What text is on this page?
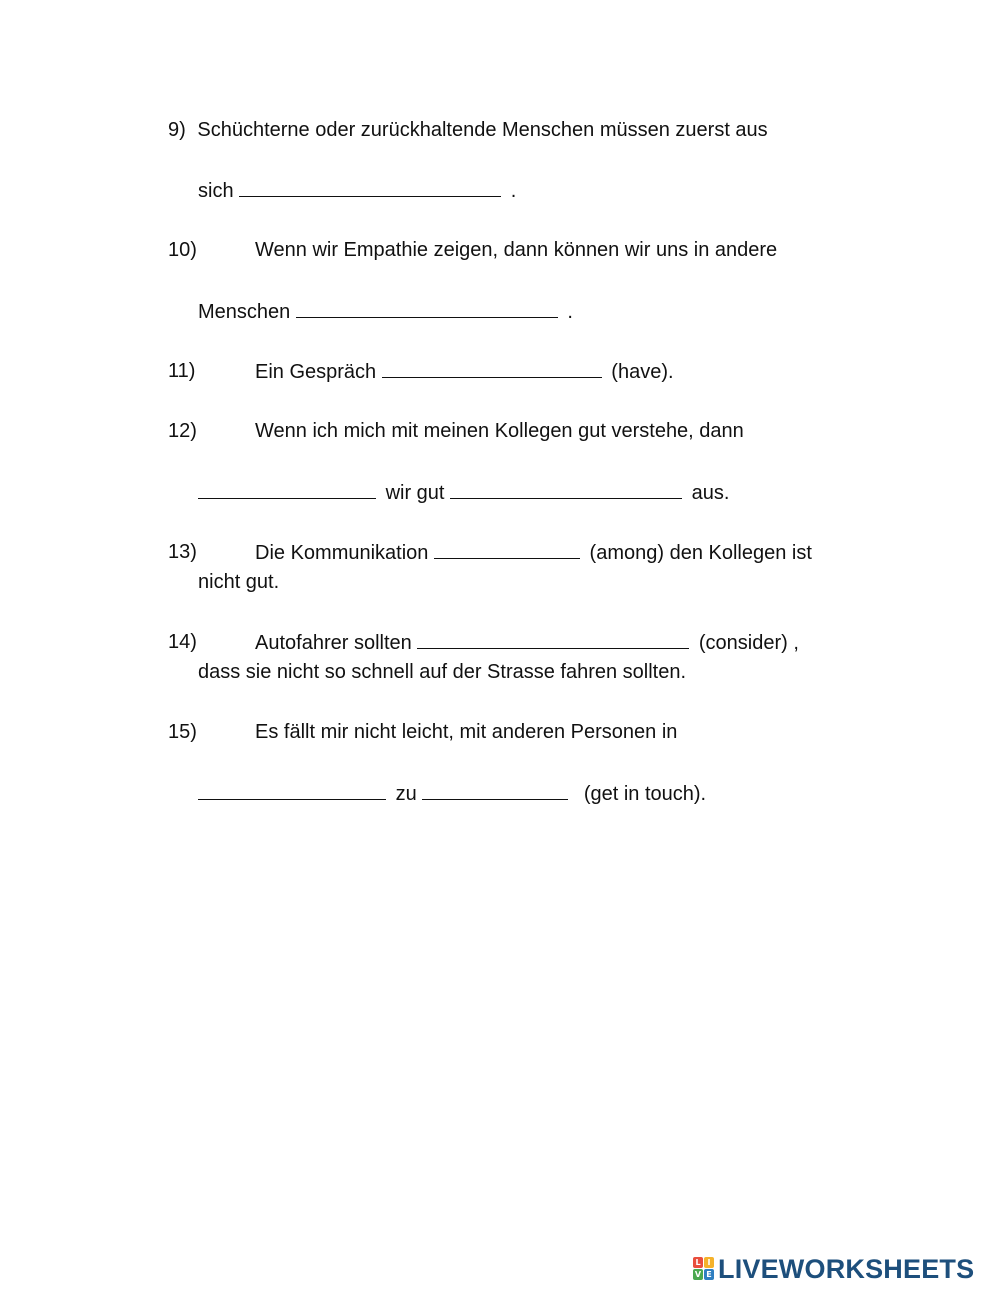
9) Schüchterne oder zurückhaltende Menschen müssen zuerst aus
sich	.
10)	Wenn wir Empathie zeigen, dann können wir uns in andere
Menschen	.
11)	Ein Gespräch	(have).
12)	Wenn ich mich mit meinen Kollegen gut verstehe, dann
wir gut	aus.
13)	Die Kommunikation	(among) den Kollegen ist
nicht gut.
14)	Autofahrer sollten	(consider) ,
dass sie nicht so schnell auf der Strasse fahren sollten.
15)	Es fällt mir nicht leicht, mit anderen Personen in
zu	(get in touch).
L I
V E LIVEWORKSHEETS
